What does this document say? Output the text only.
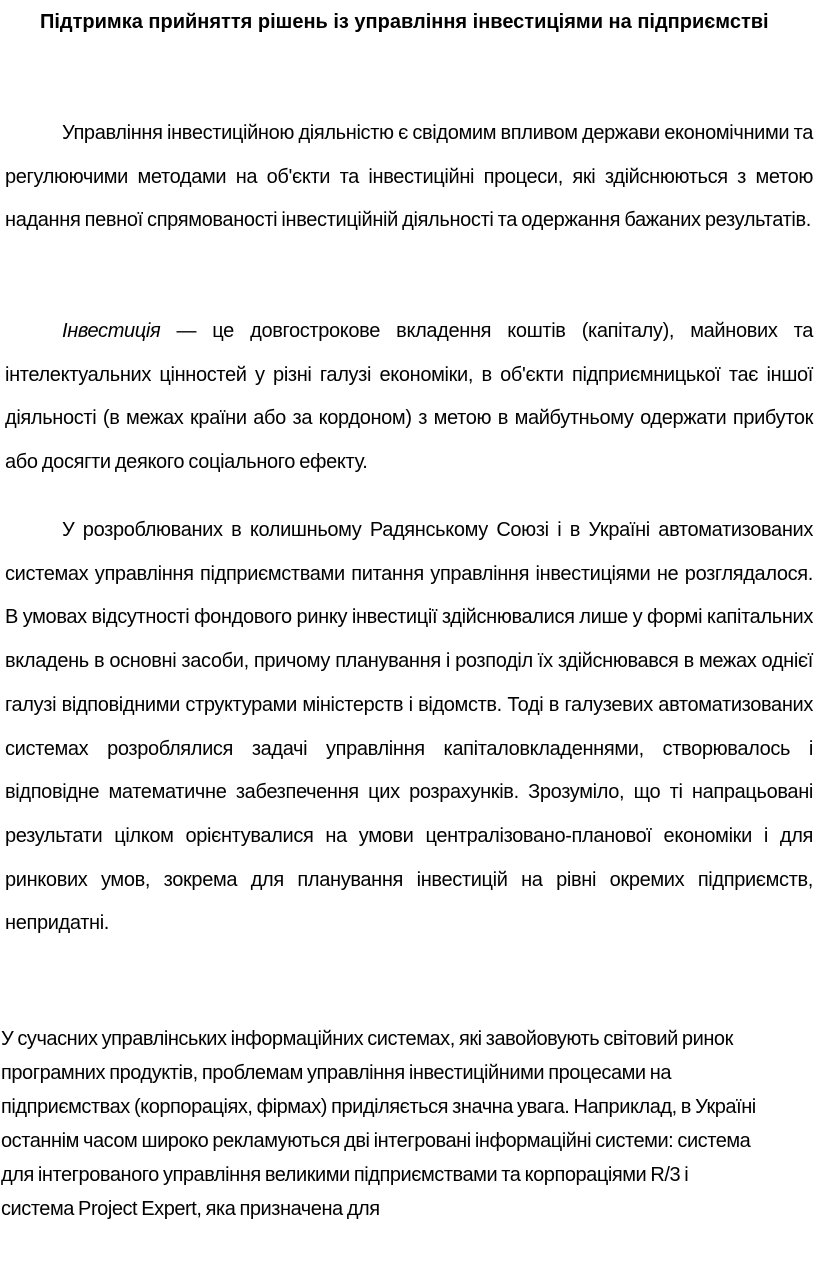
Підтримка прийняття рішень із управління інвестиціями на підприємстві

Управління інвестиційною діяльністю є свідомим впливом держави економічними та регулюючими методами на об'єкти та інвестиційні процеси, які здійснюються з метою надання певної спрямованості інвестиційній діяльності та одержання бажаних результатів.

Інвестиція — це довгострокове вкладення коштів (капіталу), майнових та інтелектуальних цінностей у різні галузі економіки, в об'єкти підприємницької тає іншої діяльності (в межах країни або за кордоном) з метою в майбутньому одержати прибуток або досягти деякого соціального ефекту.

У розроблюваних в колишньому Радянському Союзі і в Україні автоматизованих системах управління підприємствами питання управління інвестиціями не розглядалося. В умовах відсутності фондового ринку інвестиції здійснювалися лише у формі капітальних вкладень в основні засоби, причому планування і розподіл їх здійснювався в межах однієї галузі відповідними структурами міністерств і відомств. Тоді в галузевих автоматизованих системах розроблялися задачі управління капіталовкладеннями, створювалось і відповідне математичне забезпечення цих розрахунків. Зрозуміло, що ті напрацьовані результати цілком орієнтувалися на умови централізовано-планової економіки і для ринкових умов, зокрема для планування інвестицій на рівні окремих підприємств, непридатні.

У сучасних управлінських інформаційних системах, які завойовують світовий ринок програмних продуктів, проблемам управління інвестиційними процесами на підприємствах (корпораціях, фірмах) приділяється значна увага. Наприклад, в Україні останнім часом широко рекламуються дві інтегровані інформаційні системи: система для інтегрованого управління великими підприємствами та корпораціями R/3 і система Project Expert, яка призначена для
